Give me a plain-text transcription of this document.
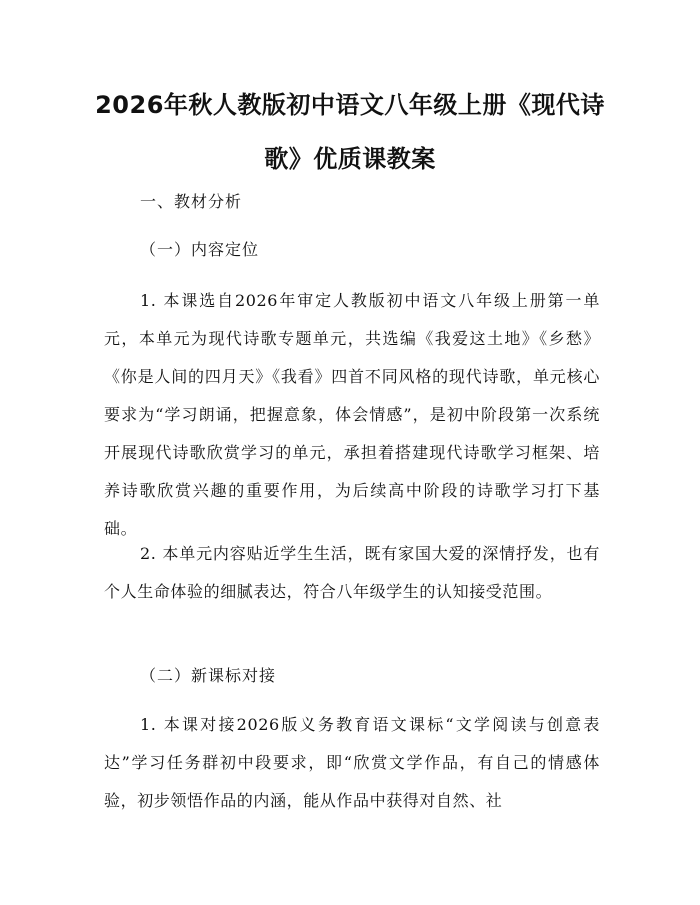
2026年秋人教版初中语文八年级上册《现代诗歌》优质课教案

一、教材分析

（一）内容定位

1. 本课选自2026年审定人教版初中语文八年级上册第一单元，本单元为现代诗歌专题单元，共选编《我爱这土地》《乡愁》《你是人间的四月天》《我看》四首不同风格的现代诗歌，单元核心要求为“学习朗诵，把握意象，体会情感”，是初中阶段第一次系统开展现代诗歌欣赏学习的单元，承担着搭建现代诗歌学习框架、培养诗歌欣赏兴趣的重要作用，为后续高中阶段的诗歌学习打下基础。

2. 本单元内容贴近学生生活，既有家国大爱的深情抒发，也有个人生命体验的细腻表达，符合八年级学生的认知接受范围。

（二）新课标对接

1. 本课对接2026版义务教育语文课标“文学阅读与创意表达”学习任务群初中段要求，即“欣赏文学作品，有自己的情感体验，初步领悟作品的内涵，能从作品中获得对自然、社
